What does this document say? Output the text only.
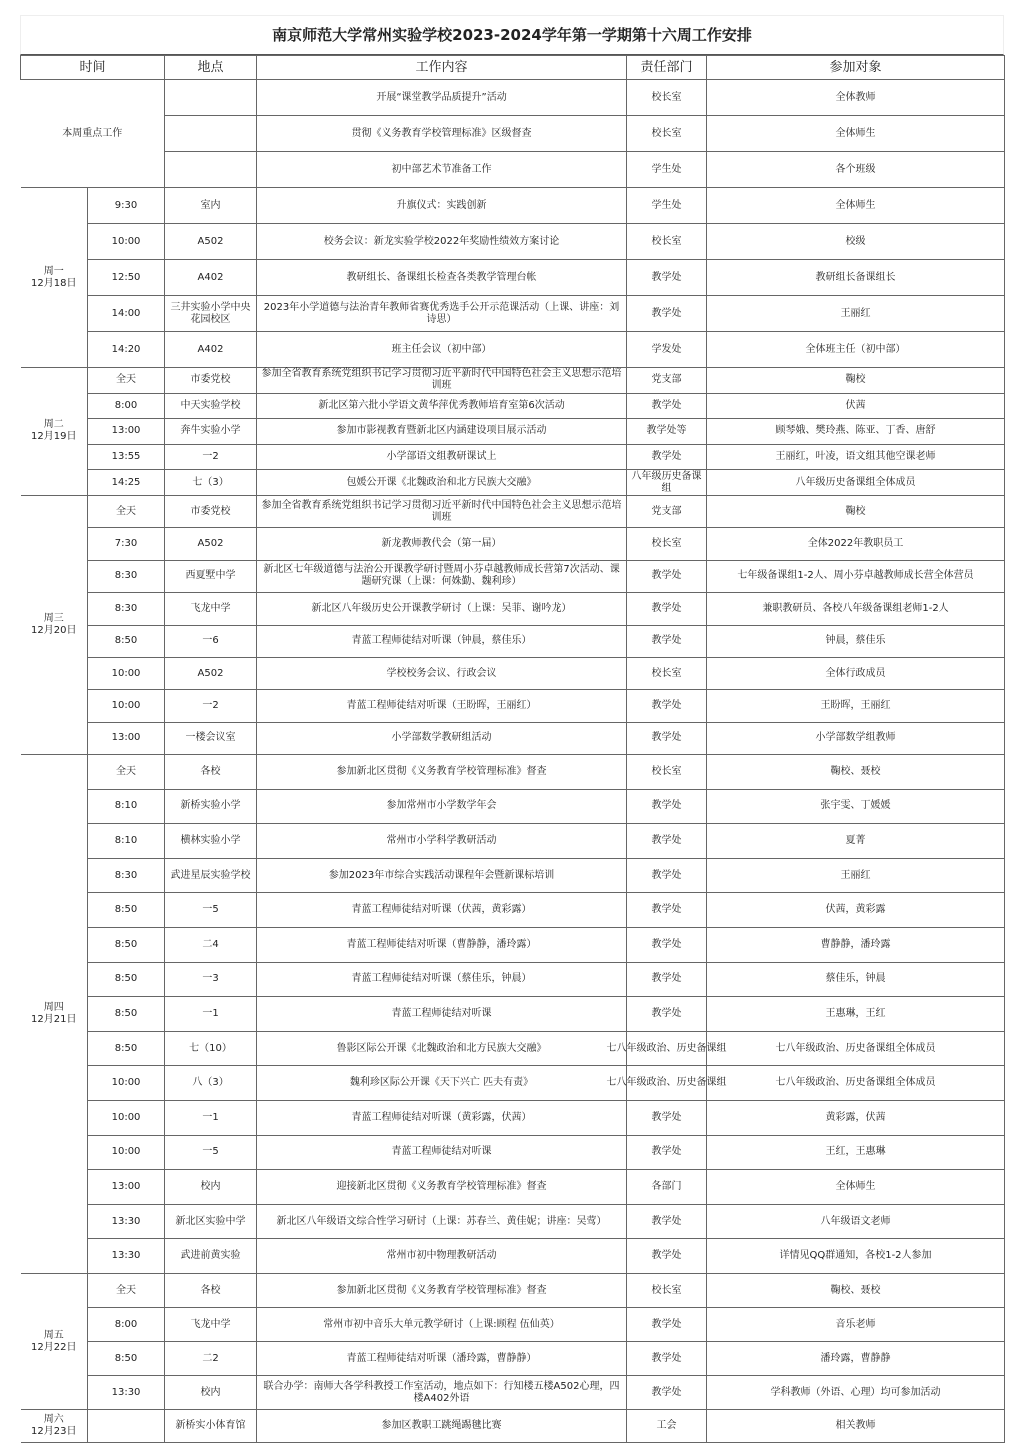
南京师范大学常州实验学校2023-2024学年第一学期第十六周工作安排
时间		地点	工作内容	责任部门	参加对象

本周重点工作			开展“课堂教学品质提升”活动	校长室	全体教师

贯彻《义务教育学校管理标准》区级督查	校长室	全体师生

初中部艺术节准备工作	学生处	各个班级

周一
12月18日	9:30	室内	升旗仪式：实践创新	学生处	全体师生

10:00	A502	校务会议：新龙实验学校2022年奖励性绩效方案讨论	校长室	校级

12:50	A402	教研组长、备课组长检查各类教学管理台帐	教学处	教研组长备课组长

14:00	三井实验小学中央花园校区	2023年小学道德与法治青年教师省赛优秀选手公开示范课活动（上课、讲座：刘诗思）	教学处	王丽红

14:20	A402	班主任会议（初中部）	学发处	全体班主任（初中部）

周二
12月19日	全天	市委党校	参加全省教育系统党组织书记学习贯彻习近平新时代中国特色社会主义思想示范培训班	党支部	鞠校

8:00	中天实验学校	新北区第六批小学语文黄华萍优秀教师培育室第6次活动	教学处	伏茜

13:00	奔牛实验小学	参加市影视教育暨新北区内涵建设项目展示活动	教学处等	顾琴娥、樊玲燕、陈亚、丁香、唐舒

13:55	一2	小学部语文组教研课试上	教学处	王丽红，叶凌，语文组其他空课老师

14:25	七（3）	包媛公开课《北魏政治和北方民族大交融》	八年级历史备课组	八年级历史备课组全体成员

周三
12月20日	全天	市委党校	参加全省教育系统党组织书记学习贯彻习近平新时代中国特色社会主义思想示范培训班	党支部	鞠校

7:30	A502	新龙教师教代会（第一届）	校长室	全体2022年教职员工

8:30	西夏墅中学	新北区七年级道德与法治公开课教学研讨暨周小芬卓越教师成长营第7次活动、课题研究课（上课：何姝勤、魏利珍）	教学处	七年级备课组1-2人、周小芬卓越教师成长营全体营员

8:30	飞龙中学	新北区八年级历史公开课教学研讨（上课：吴菲、谢吟龙）	教学处	兼职教研员、各校八年级备课组老师1-2人

8:50	一6	青蓝工程师徒结对听课（钟晨，蔡佳乐）	教学处	钟晨，蔡佳乐

10:00	A502	学校校务会议、行政会议	校长室	全体行政成员

10:00	一2	青蓝工程师徒结对听课（王盼晖，王丽红）	教学处	王盼晖，王丽红

13:00	一楼会议室	小学部数学教研组活动	教学处	小学部数学组教师

周四
12月21日	全天	各校	参加新北区贯彻《义务教育学校管理标准》督查	校长室	鞠校、聂校

8:10	新桥实验小学	参加常州市小学数学年会	教学处	张宇雯、丁媛媛

8:10	横林实验小学	常州市小学科学教研活动	教学处	夏菁

8:30	武进星辰实验学校	参加2023年市综合实践活动课程年会暨新课标培训	教学处	王丽红

8:50	一5	青蓝工程师徒结对听课（伏茜，黄彩露）	教学处	伏茜，黄彩露

8:50	二4	青蓝工程师徒结对听课（曹静静，潘玲露）	教学处	曹静静，潘玲露

8:50	一3	青蓝工程师徒结对听课（蔡佳乐，钟晨）	教学处	蔡佳乐，钟晨

8:50	一1	青蓝工程师徒结对听课	教学处	王惠琳，王红

8:50	七（10）	鲁影区际公开课《北魏政治和北方民族大交融》	七八年级政治、历史备课组	七八年级政治、历史备课组全体成员

10:00	八（3）	魏利珍区际公开课《天下兴亡 匹夫有责》	七八年级政治、历史备课组	七八年级政治、历史备课组全体成员

10:00	一1	青蓝工程师徒结对听课（黄彩露，伏茜）	教学处	黄彩露，伏茜

10:00	一5	青蓝工程师徒结对听课	教学处	王红，王惠琳

13:00	校内	迎接新北区贯彻《义务教育学校管理标准》督查	各部门	全体师生

13:30	新北区实验中学	新北区八年级语文综合性学习研讨（上课：苏春兰、黄佳妮；讲座：吴莺）	教学处	八年级语文老师

13:30	武进前黄实验	常州市初中物理教研活动	教学处	详情见QQ群通知，各校1-2人参加

周五
12月22日	全天	各校	参加新北区贯彻《义务教育学校管理标准》督查	校长室	鞠校、聂校

8:00	飞龙中学	常州市初中音乐大单元教学研讨（上课:顾程 伍仙英）	教学处	音乐老师

8:50	二2	青蓝工程师徒结对听课（潘玲露，曹静静）	教学处	潘玲露，曹静静

13:30	校内	联合办学：南师大各学科教授工作室活动，地点如下：行知楼五楼A502心理，四楼A402外语	教学处	学科教师（外语、心理）均可参加活动

周六
12月23日		新桥实小体育馆	参加区教职工跳绳踢毽比赛	工会	相关教师
